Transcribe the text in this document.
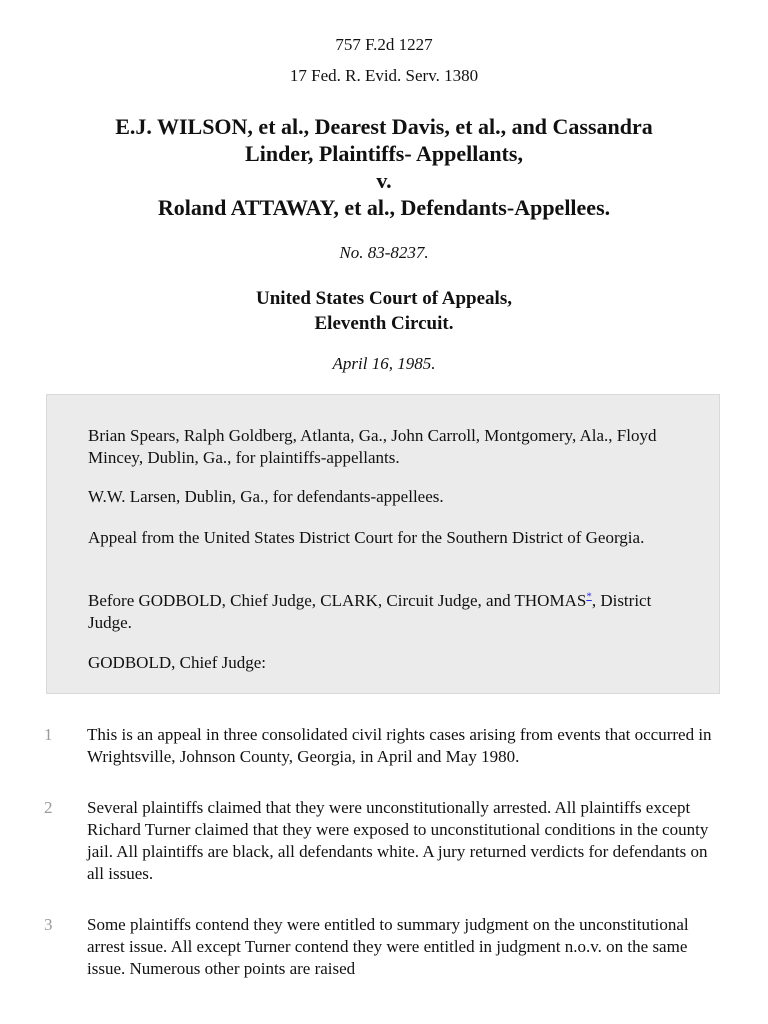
757 F.2d 1227
17 Fed. R. Evid. Serv. 1380
E.J. WILSON, et al., Dearest Davis, et al., and Cassandra
Linder, Plaintiffs- Appellants,
v.
Roland ATTAWAY, et al., Defendants-Appellees.
No. 83-8237.
United States Court of Appeals,
Eleventh Circuit.
April 16, 1985.
Brian Spears, Ralph Goldberg, Atlanta, Ga., John Carroll, Montgomery, Ala., Floyd Mincey, Dublin, Ga., for plaintiffs-appellants.
W.W. Larsen, Dublin, Ga., for defendants-appellees.
Appeal from the United States District Court for the Southern District of Georgia.
Before GODBOLD, Chief Judge, CLARK, Circuit Judge, and THOMAS*, District Judge.
GODBOLD, Chief Judge:
1	This is an appeal in three consolidated civil rights cases arising from events that occurred in Wrightsville, Johnson County, Georgia, in April and May 1980.
2	Several plaintiffs claimed that they were unconstitutionally arrested. All plaintiffs except Richard Turner claimed that they were exposed to unconstitutional conditions in the county jail. All plaintiffs are black, all defendants white. A jury returned verdicts for defendants on all issues.
3	Some plaintiffs contend they were entitled to summary judgment on the unconstitutional arrest issue. All except Turner contend they were entitled in judgment n.o.v. on the same issue. Numerous other points are raised
